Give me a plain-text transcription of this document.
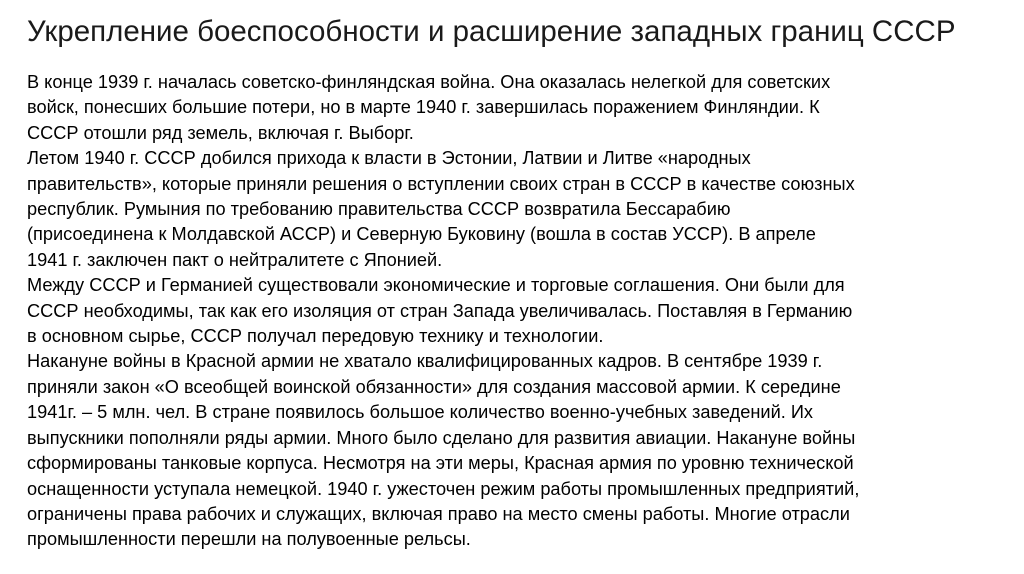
Укрепление боеспособности и расширение западных границ СССР

В конце 1939 г. началась советско-финляндская война. Она оказалась нелегкой для советских
войск, понесших большие потери, но в марте 1940 г. завершилась поражением Финляндии. К
СССР отошли ряд земель, включая г. Выборг.

Летом 1940 г. СССР добился прихода к власти в Эстонии, Латвии и Литве «народных
правительств», которые приняли решения о вступлении своих стран в СССР в качестве союзных
республик. Румыния по требованию правительства СССР возвратила Бессарабию
(присоединена к Молдавской АССР) и Северную Буковину (вошла в состав УССР). В апреле
1941 г. заключен пакт о нейтралитете с Японией.

Между СССР и Германией существовали экономические и торговые соглашения. Они были для
СССР необходимы, так как его изоляция от стран Запада увеличивалась. Поставляя в Германию
в основном сырье, СССР получал передовую технику и технологии.

Накануне войны в Красной армии не хватало квалифицированных кадров. В сентябре 1939 г.
приняли закон «О всеобщей воинской обязанности» для создания массовой армии. К середине
1941г. – 5 млн. чел. В стране появилось большое количество военно-учебных заведений. Их
выпускники пополняли ряды армии. Много было сделано для развития авиации. Накануне войны
сформированы танковые корпуса. Несмотря на эти меры, Красная армия по уровню технической
оснащенности уступала немецкой. 1940 г. ужесточен режим работы промышленных предприятий,
ограничены права рабочих и служащих, включая право на место смены работы. Многие отрасли
промышленности перешли на полувоенные рельсы.
